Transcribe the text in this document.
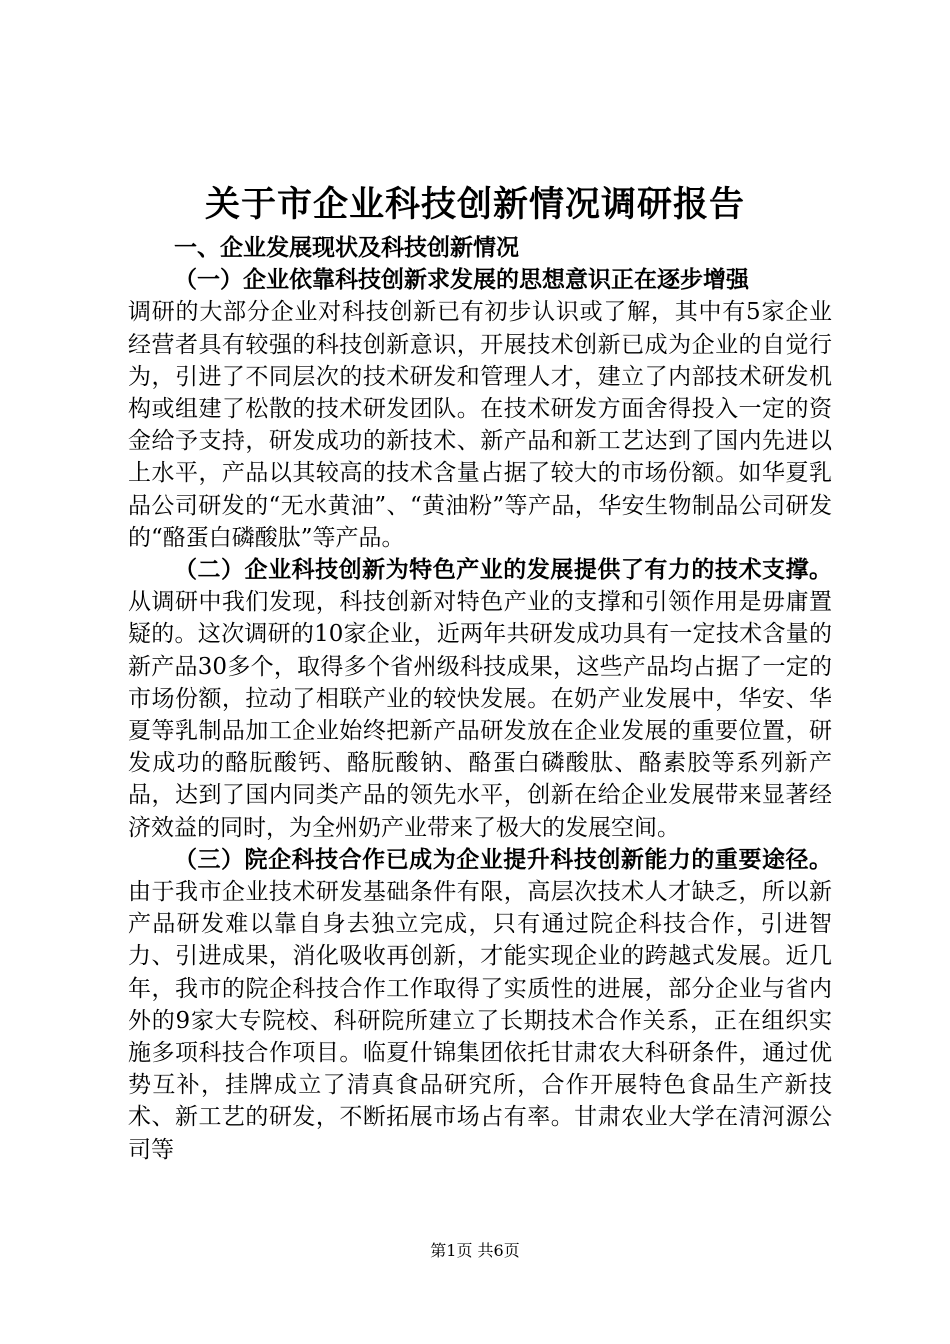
关于市企业科技创新情况调研报告

一、企业发展现状及科技创新情况

（一）企业依靠科技创新求发展的思想意识正在逐步增强

调研的大部分企业对科技创新已有初步认识或了解，其中有5家企业经营者具有较强的科技创新意识，开展技术创新已成为企业的自觉行为，引进了不同层次的技术研发和管理人才，建立了内部技术研发机构或组建了松散的技术研发团队。在技术研发方面舍得投入一定的资金给予支持，研发成功的新技术、新产品和新工艺达到了国内先进以上水平，产品以其较高的技术含量占据了较大的市场份额。如华夏乳品公司研发的“无水黄油”、“黄油粉”等产品，华安生物制品公司研发的“酪蛋白磷酸肽”等产品。

（二）企业科技创新为特色产业的发展提供了有力的技术支撑。从调研中我们发现，科技创新对特色产业的支撑和引领作用是毋庸置疑的。这次调研的10家企业，近两年共研发成功具有一定技术含量的新产品30多个，取得多个省州级科技成果，这些产品均占据了一定的市场份额，拉动了相联产业的较快发展。在奶产业发展中，华安、华夏等乳制品加工企业始终把新产品研发放在企业发展的重要位置，研发成功的酪朊酸钙、酪朊酸钠、酪蛋白磷酸肽、酪素胶等系列新产品，达到了国内同类产品的领先水平，创新在给企业发展带来显著经济效益的同时，为全州奶产业带来了极大的发展空间。

（三）院企科技合作已成为企业提升科技创新能力的重要途径。由于我市企业技术研发基础条件有限，高层次技术人才缺乏，所以新产品研发难以靠自身去独立完成，只有通过院企科技合作，引进智力、引进成果，消化吸收再创新，才能实现企业的跨越式发展。近几年，我市的院企科技合作工作取得了实质性的进展，部分企业与省内外的9家大专院校、科研院所建立了长期技术合作关系，正在组织实施多项科技合作项目。临夏什锦集团依托甘肃农大科研条件，通过优势互补，挂牌成立了清真食品研究所，合作开展特色食品生产新技术、新工艺的研发，不断拓展市场占有率。甘肃农业大学在清河源公司等

第1页 共6页
